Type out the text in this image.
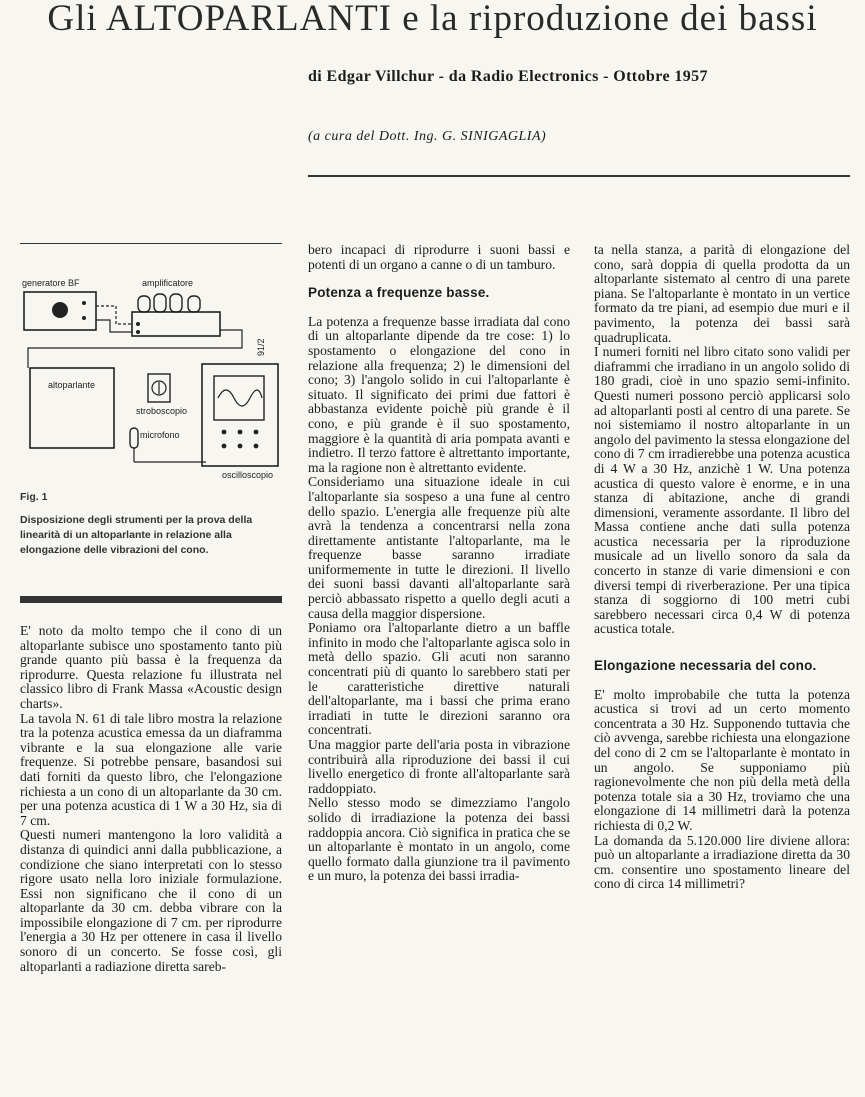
Gli ALTOPARLANTI e la riproduzione dei bassi
di Edgar Villchur - da Radio Electronics - Ottobre 1957
(a cura del Dott. Ing. G. SINIGAGLIA)
generatore BF	amplificatore
91/2
altoparlante
stroboscopio
microfono
oscilloscopio
Fig. 1
Disposizione degli strumenti per la prova della linearità di un altoparlante in relazione alla elongazione delle vibrazioni del cono.

E' noto da molto tempo che il cono di un altoparlante subisce uno spostamento tanto più grande quanto più bassa è la frequenza da riprodurre. Questa relazione fu illustrata nel classico libro di Frank Massa «Acoustic design charts».

La tavola N. 61 di tale libro mostra la relazione tra la potenza acustica emessa da un diaframma vibrante e la sua elongazione alle varie frequenze. Si potrebbe pensare, basandosi sui dati forniti da questo libro, che l'elongazione richiesta a un cono di un altoparlante da 30 cm. per una potenza acustica di 1 W a 30 Hz, sia di 7 cm.

Questi numeri mantengono la loro validità a distanza di quindici anni dalla pubblicazione, a condizione che siano interpretati con lo stesso rigore usato nella loro iniziale formulazione. Essi non significano che il cono di un altoparlante da 30 cm. debba vibrare con la impossibile elongazione di 7 cm. per riprodurre l'energia a 30 Hz per ottenere in casa il livello sonoro di un concerto. Se fosse così, gli altoparlanti a radiazione diretta sareb-

bero incapaci di riprodurre i suoni bassi e potenti di un organo a canne o di un tamburo.

Potenza a frequenze basse.

La potenza a frequenze basse irradiata dal cono di un altoparlante dipende da tre cose: 1) lo spostamento o elongazione del cono in relazione alla frequenza; 2) le dimensioni del cono; 3) l'angolo solido in cui l'altoparlante è situato. Il significato dei primi due fattori è abbastanza evidente poichè più grande è il cono, e più grande è il suo spostamento, maggiore è la quantità di aria pompata avanti e indietro. Il terzo fattore è altrettanto importante, ma la ragione non è altrettanto evidente.

Consideriamo una situazione ideale in cui l'altoparlante sia sospeso a una fune al centro dello spazio. L'energia alle frequenze più alte avrà la tendenza a concentrarsi nella zona direttamente antistante l'altoparlante, ma le frequenze basse saranno irradiate uniformemente in tutte le direzioni. Il livello dei suoni bassi davanti all'altoparlante sarà perciò abbassato rispetto a quello degli acuti a causa della maggior dispersione.

Poniamo ora l'altoparlante dietro a un baffle infinito in modo che l'altoparlante agisca solo in metà dello spazio. Gli acuti non saranno concentrati più di quanto lo sarebbero stati per le caratteristiche direttive naturali dell'altoparlante, ma i bassi che prima erano irradiati in tutte le direzioni saranno ora concentrati.

Una maggior parte dell'aria posta in vibrazione contribuirà alla riproduzione dei bassi il cui livello energetico di fronte all'altoparlante sarà raddoppiato.

Nello stesso modo se dimezziamo l'angolo solido di irradiazione la potenza dei bassi raddoppia ancora. Ciò significa in pratica che se un altoparlante è montato in un angolo, come quello formato dalla giunzione tra il pavimento e un muro, la potenza dei bassi irradia-

ta nella stanza, a parità di elongazione del cono, sarà doppia di quella prodotta da un altoparlante sistemato al centro di una parete piana. Se l'altoparlante è montato in un vertice formato da tre piani, ad esempio due muri e il pavimento, la potenza dei bassi sarà quadruplicata.

I numeri forniti nel libro citato sono validi per diaframmi che irradiano in un angolo solido di 180 gradi, cioè in uno spazio semi-infinito. Questi numeri possono perciò applicarsi solo ad altoparlanti posti al centro di una parete. Se noi sistemiamo il nostro altoparlante in un angolo del pavimento la stessa elongazione del cono di 7 cm irradierebbe una potenza acustica di 4 W a 30 Hz, anzichè 1 W. Una potenza acustica di questo valore è enorme, e in una stanza di abitazione, anche di grandi dimensioni, veramente assordante. Il libro del Massa contiene anche dati sulla potenza acustica necessaria per la riproduzione musicale ad un livello sonoro da sala da concerto in stanze di varie dimensioni e con diversi tempi di riverberazione. Per una tipica stanza di soggiorno di 100 metri cubi sarebbero necessari circa 0,4 W di potenza acustica totale.

Elongazione necessaria del cono.

E' molto improbabile che tutta la potenza acustica si trovi ad un certo momento concentrata a 30 Hz. Supponendo tuttavia che ciò avvenga, sarebbe richiesta una elongazione del cono di 2 cm se l'altoparlante è montato in un angolo. Se supponiamo più ragionevolmente che non più della metà della potenza totale sia a 30 Hz, troviamo che una elongazione di 14 millimetri darà la potenza richiesta di 0,2 W.

La domanda da 5.120.000 lire diviene allora: può un altoparlante a irradiazione diretta da 30 cm. consentire uno spostamento lineare del cono di circa 14 millimetri?
